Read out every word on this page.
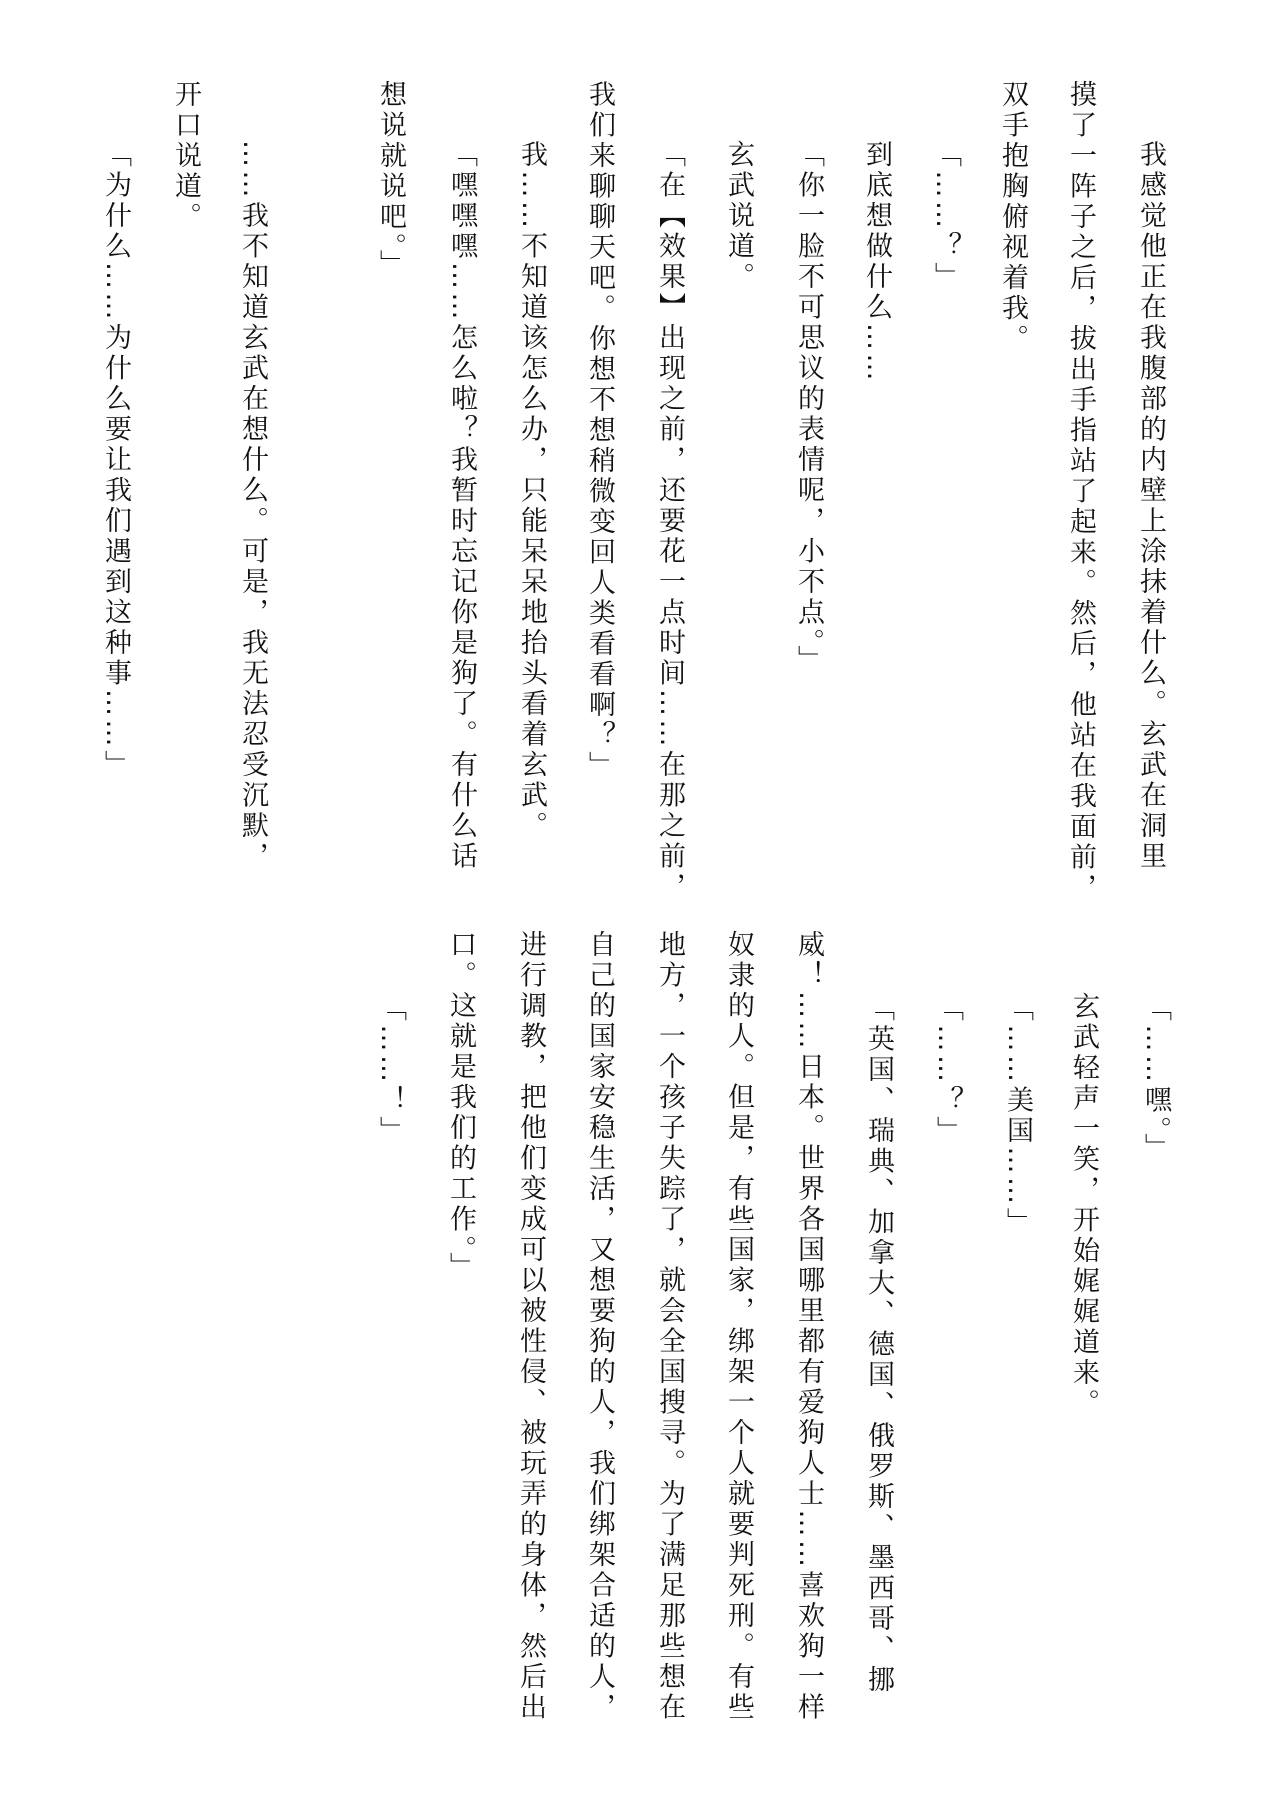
我感觉他正在我腹部的内壁上涂抹着什么。玄武在洞里
摸了一阵子之后，拔出手指站了起来。然后，他站在我面前，
双手抱胸俯视着我。
「……？」
到底想做什么……
「你一脸不可思议的表情呢，小不点。」
玄武说道。
「在【效果】出现之前，还要花一点时间……在那之前，
我们来聊聊天吧。你想不想稍微变回人类看看啊？」
我……不知道该怎么办，只能呆呆地抬头看着玄武。
「嘿嘿嘿……怎么啦？我暂时忘记你是狗了。有什么话
想说就说吧。」
……我不知道玄武在想什么。可是，我无法忍受沉默，
开口说道。
「为什么……为什么要让我们遇到这种事……」
「……嘿。」
玄武轻声一笑，开始娓娓道来。
「……美国……」
「……？」
「英国、瑞典、加拿大、德国、俄罗斯、墨西哥、挪
威！……日本。世界各国哪里都有爱狗人士……喜欢狗一样
奴隶的人。但是，有些国家，绑架一个人就要判死刑。有些
地方，一个孩子失踪了，就会全国搜寻。为了满足那些想在
自己的国家安稳生活，又想要狗的人，我们绑架合适的人，
进行调教，把他们变成可以被性侵、被玩弄的身体，然后出
口。这就是我们的工作。」
「……！」
